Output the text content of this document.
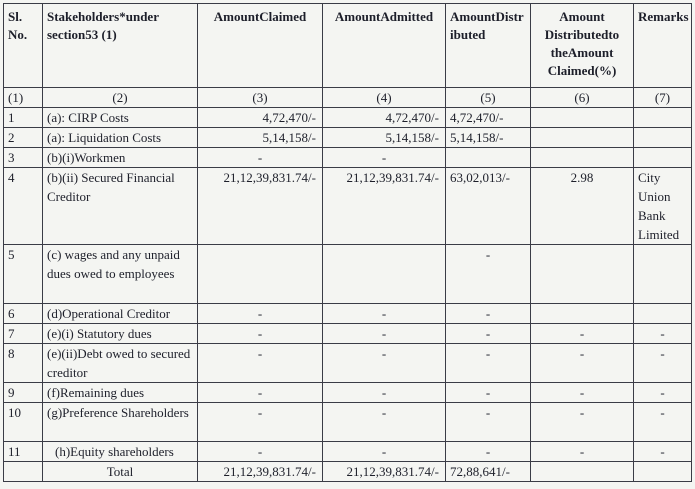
Sl. No.	Stakeholders*under section53 (1)	AmountClaimed	AmountAdmitted	AmountDistributed	Amount Distributedto theAmount Claimed(%)	Remarks
(1)	(2)	(3)	(4)	(5)	(6)	(7)
1	(a): CIRP Costs	4,72,470/-	4,72,470/-	4,72,470/-		
2	(a): Liquidation Costs	5,14,158/-	5,14,158/-	5,14,158/-		
3	(b)(i)Workmen	-	-			
4	(b)(ii) Secured Financial Creditor	21,12,39,831.74/-	21,12,39,831.74/-	63,02,013/-	2.98	City Union Bank Limited
5	(c) wages and any unpaid dues owed to employees			-		
6	(d)Operational Creditor	-	-	-		
7	(e)(i) Statutory dues	-	-	-	-	-
8	(e)(ii)Debt owed to secured creditor	-	-	-	-	-
9	(f)Remaining dues	-	-	-	-	-
10	(g)Preference Shareholders	-	-	-	-	-
11	(h)Equity shareholders	-	-	-	-	-
	Total	21,12,39,831.74/-	21,12,39,831.74/-	72,88,641/-		
